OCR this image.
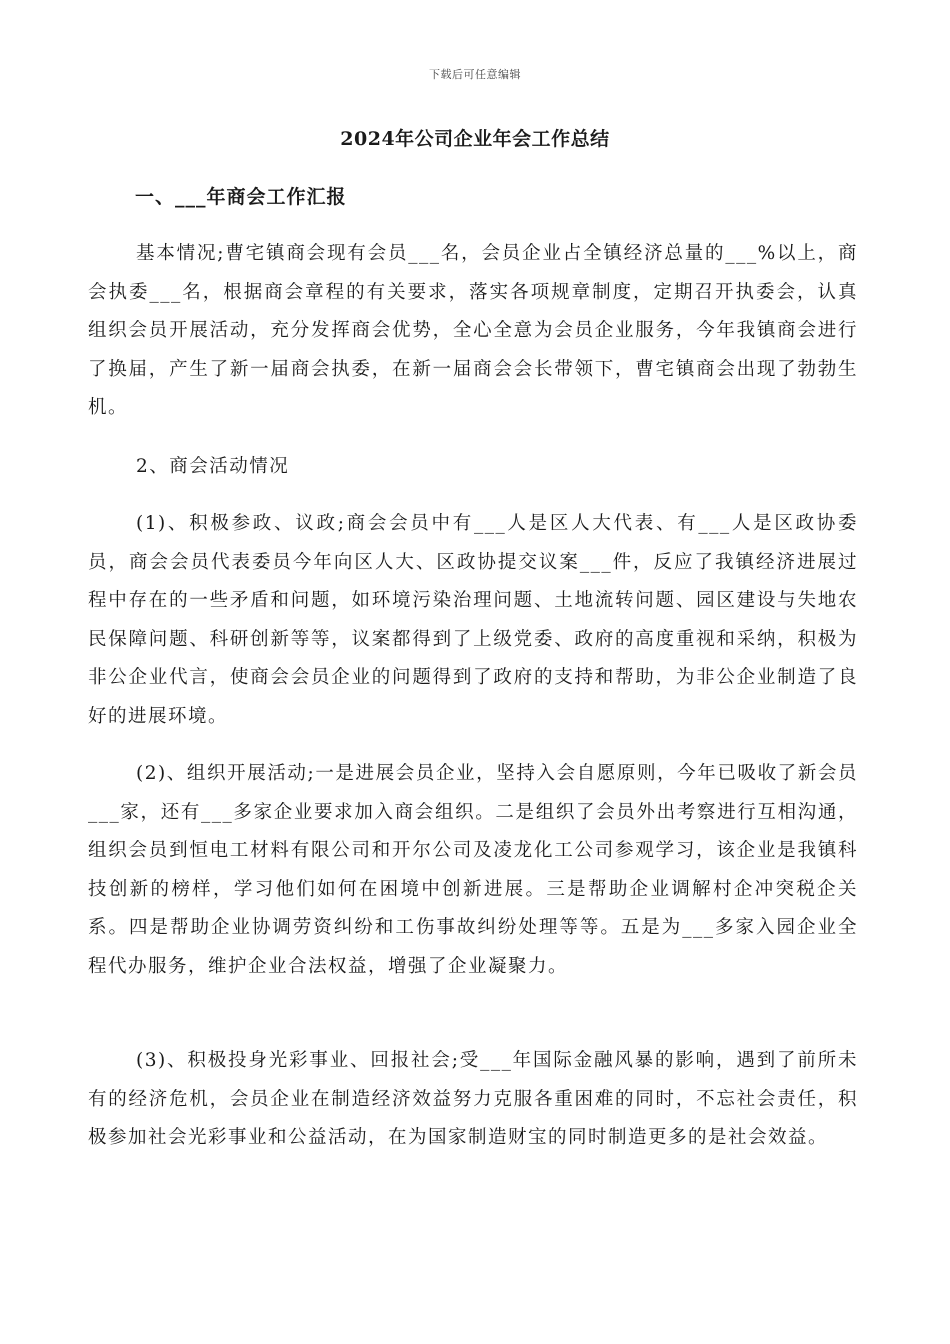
下载后可任意编辑
2024年公司企业年会工作总结
一、___年商会工作汇报

基本情况;曹宅镇商会现有会员___名，会员企业占全镇经济总量的___%以上，商会执委___名，根据商会章程的有关要求，落实各项规章制度，定期召开执委会，认真组织会员开展活动，充分发挥商会优势，全心全意为会员企业服务，今年我镇商会进行了换届，产生了新一届商会执委，在新一届商会会长带领下，曹宅镇商会出现了勃勃生机。

2、商会活动情况

(1)、积极参政、议政;商会会员中有___人是区人大代表、有___人是区政协委员，商会会员代表委员今年向区人大、区政协提交议案___件，反应了我镇经济进展过程中存在的一些矛盾和问题，如环境污染治理问题、土地流转问题、园区建设与失地农民保障问题、科研创新等等，议案都得到了上级党委、政府的高度重视和采纳，积极为非公企业代言，使商会会员企业的问题得到了政府的支持和帮助，为非公企业制造了良好的进展环境。

(2)、组织开展活动;一是进展会员企业，坚持入会自愿原则，今年已吸收了新会员___家，还有___多家企业要求加入商会组织。二是组织了会员外出考察进行互相沟通，组织会员到恒电工材料有限公司和开尔公司及凌龙化工公司参观学习，该企业是我镇科技创新的榜样，学习他们如何在困境中创新进展。三是帮助企业调解村企冲突税企关系。四是帮助企业协调劳资纠纷和工伤事故纠纷处理等等。五是为___多家入园企业全程代办服务，维护企业合法权益，增强了企业凝聚力。

(3)、积极投身光彩事业、回报社会;受___年国际金融风暴的影响，遇到了前所未有的经济危机，会员企业在制造经济效益努力克服各重困难的同时，不忘社会责任，积极参加社会光彩事业和公益活动，在为国家制造财宝的同时制造更多的是社会效益。
